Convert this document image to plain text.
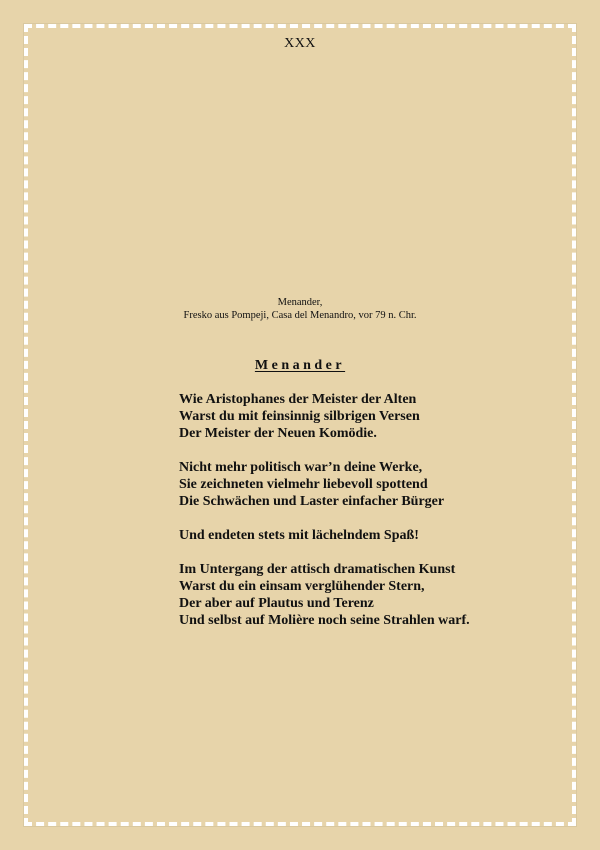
XXX
Menander,
Fresko aus Pompeji, Casa del Menandro, vor 79 n. Chr.
Menander
Wie Aristophanes der Meister der Alten
Warst du mit feinsinnig silbrigen Versen
Der Meister der Neuen Komödie.
Nicht mehr politisch war’n deine Werke,
Sie zeichneten vielmehr liebevoll spottend
Die Schwächen und Laster einfacher Bürger
Und endeten stets mit lächelndem Spaß!
Im Untergang der attisch dramatischen Kunst
Warst du ein einsam verglühender Stern,
Der aber auf Plautus und Terenz
Und selbst auf Molière noch seine Strahlen warf.
